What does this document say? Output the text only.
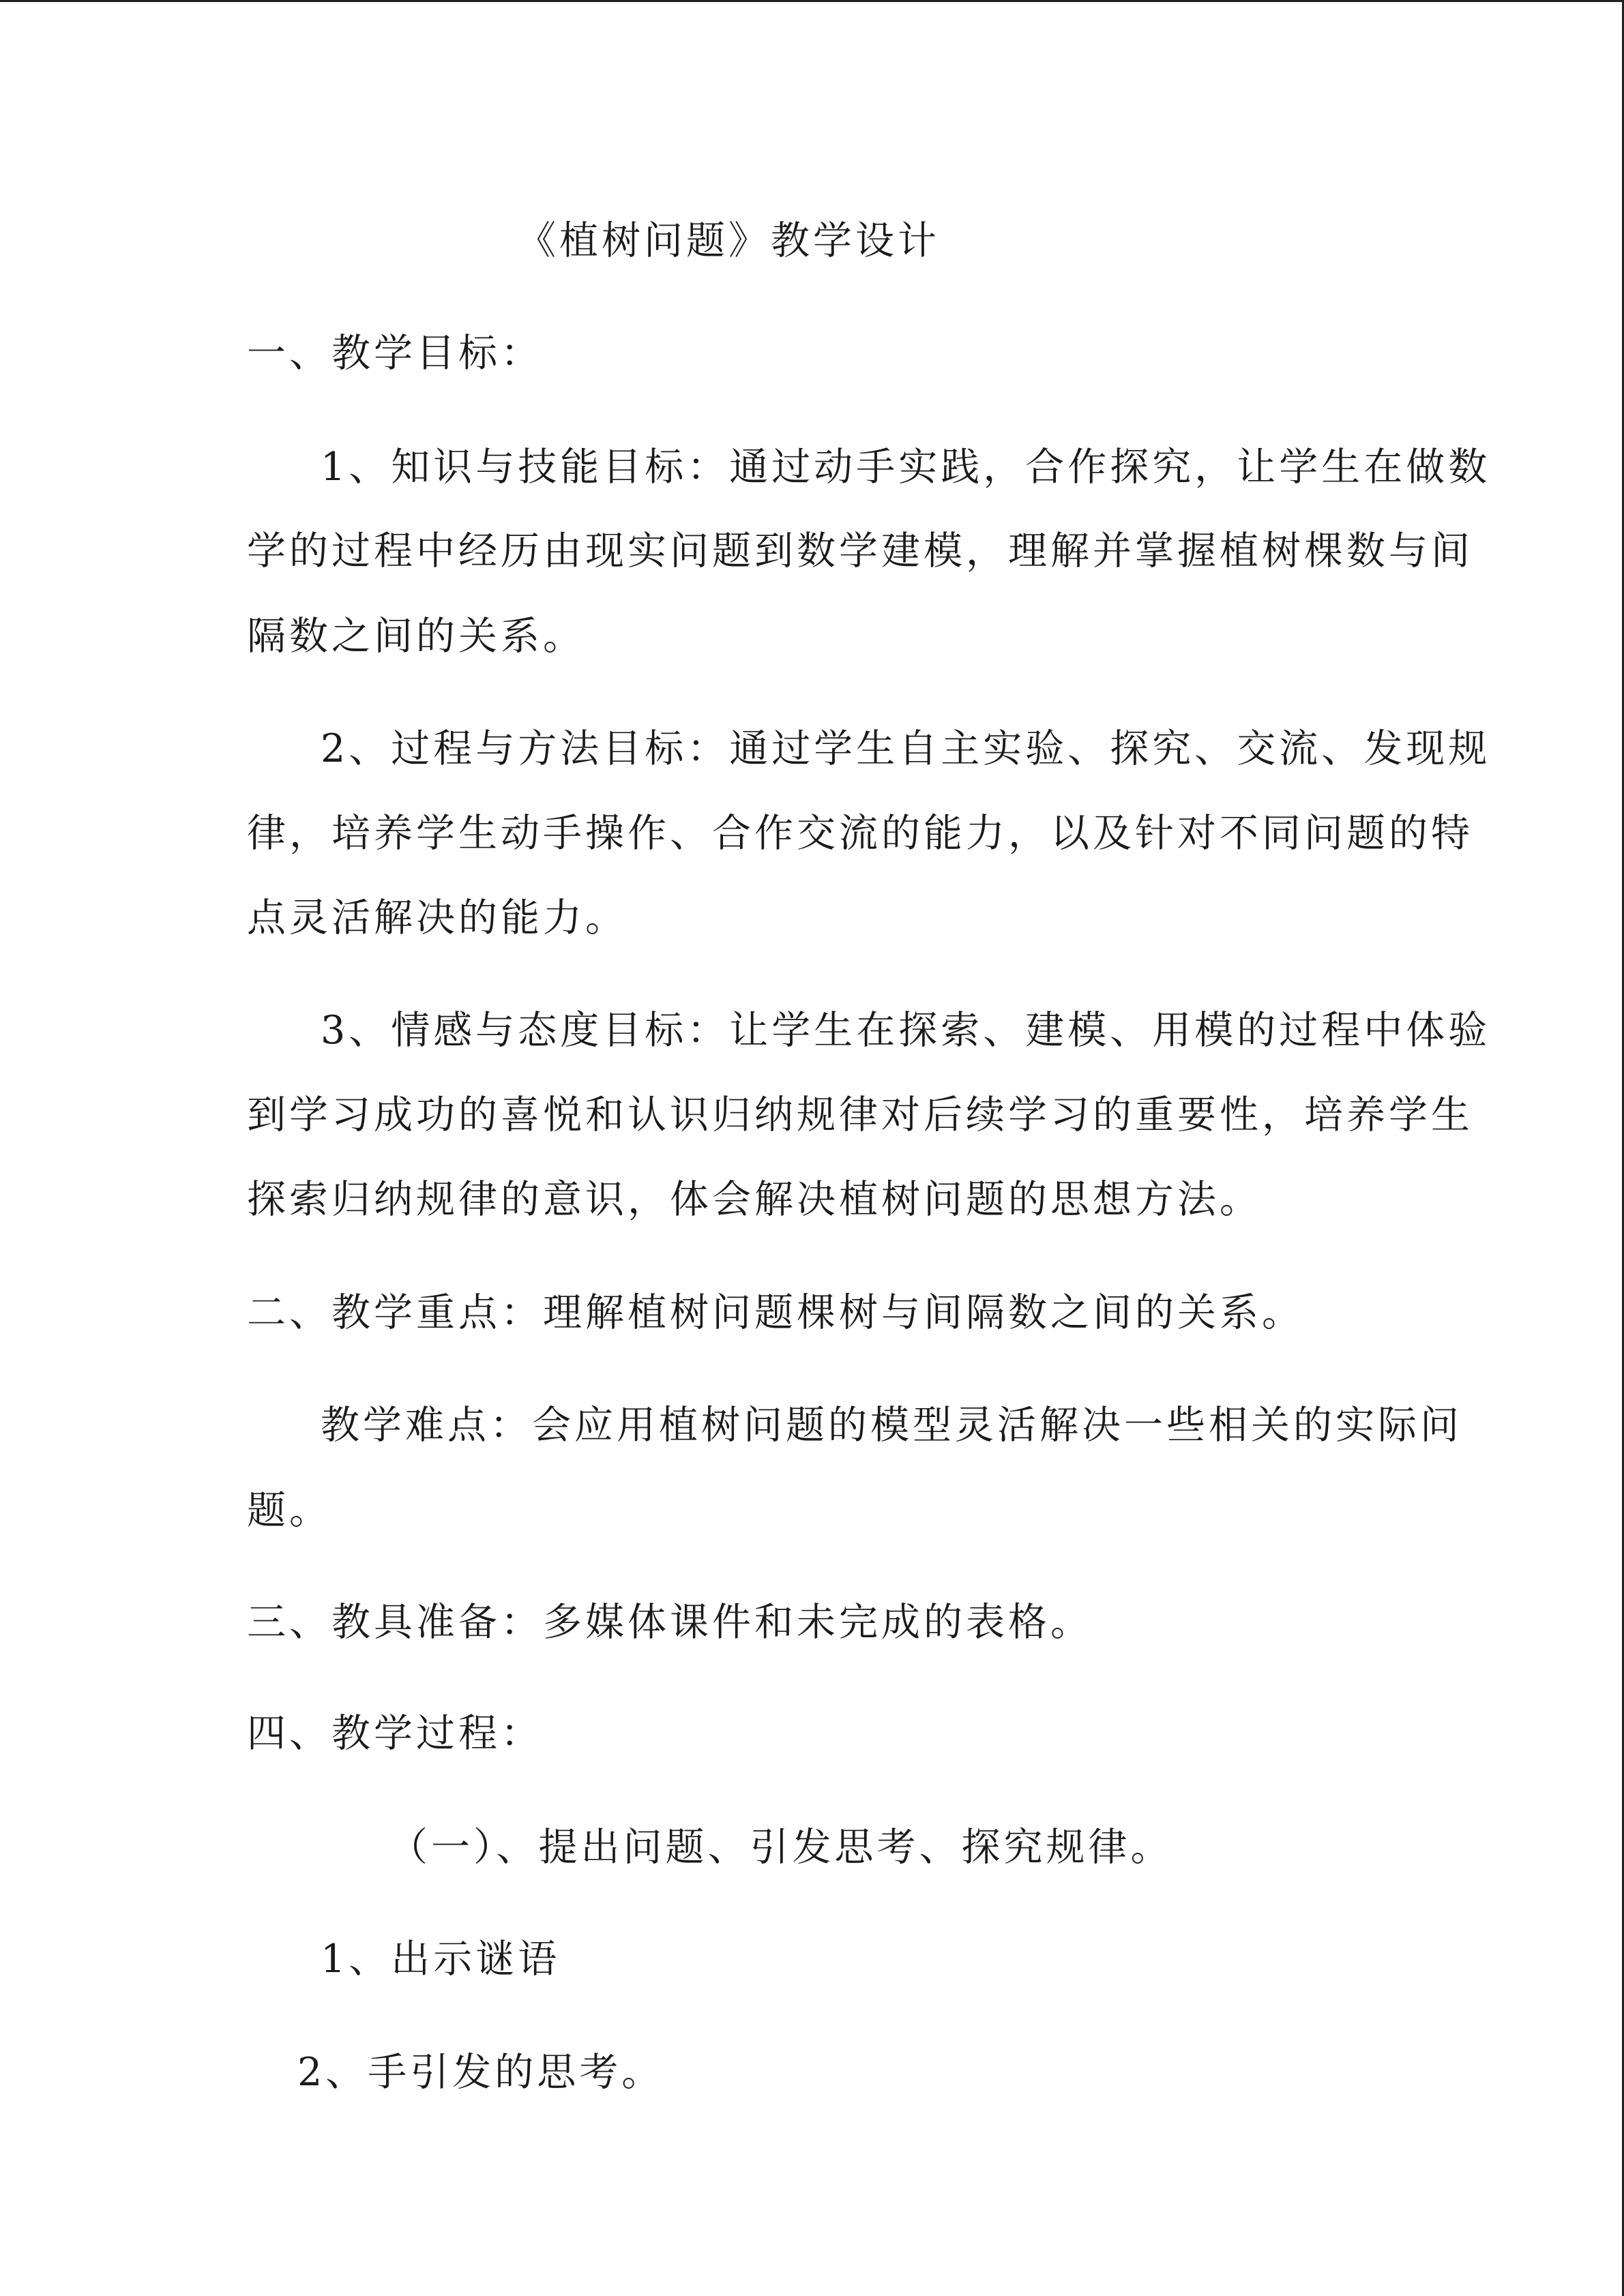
《植树问题》教学设计
一、教学目标：
1、知识与技能目标：通过动手实践，合作探究，让学生在做数
学的过程中经历由现实问题到数学建模，理解并掌握植树棵数与间
隔数之间的关系。
2、过程与方法目标：通过学生自主实验、探究、交流、发现规
律，培养学生动手操作、合作交流的能力，以及针对不同问题的特
点灵活解决的能力。
3、情感与态度目标：让学生在探索、建模、用模的过程中体验
到学习成功的喜悦和认识归纳规律对后续学习的重要性，培养学生
探索归纳规律的意识，体会解决植树问题的思想方法。
二、教学重点：理解植树问题棵树与间隔数之间的关系。
教学难点：会应用植树问题的模型灵活解决一些相关的实际问
题。
三、教具准备：多媒体课件和未完成的表格。
四、教学过程：
（一）、提出问题、引发思考、探究规律。
1、出示谜语
2、手引发的思考。
